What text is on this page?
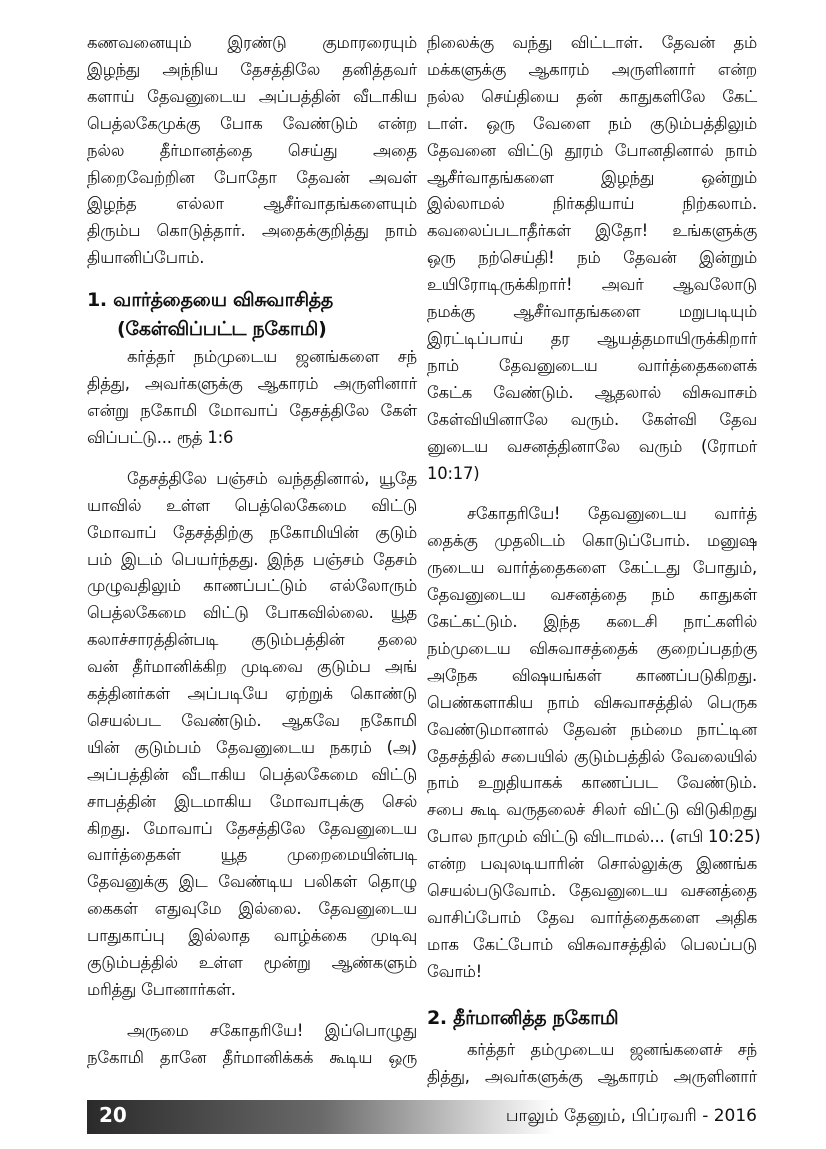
கணவனையும் இரண்டு குமாரரையும்
இழந்து அந்நிய தேசத்திலே தனித்தவர்
களாய் தேவனுடைய அப்பத்தின் வீடாகிய
பெத்லகேமுக்கு போக வேண்டும் என்ற
நல்ல தீர்மானத்தை செய்து அதை
நிறைவேற்றின போதோ தேவன் அவள்
இழந்த எல்லா ஆசீர்வாதங்களையும்
திரும்ப கொடுத்தார். அதைக்குறித்து நாம்
தியானிப்போம்.
1. வார்த்தையை விசுவாசித்த
(கேள்விப்பட்ட நகோமி)
கர்த்தர் நம்முடைய ஜனங்களை சந்
தித்து, அவர்களுக்கு ஆகாரம் அருளினார்
என்று நகோமி மோவாப் தேசத்திலே கேள்
விப்பட்டு... ரூத் 1:6
தேசத்திலே பஞ்சம் வந்ததினால், யூதே
யாவில் உள்ள பெத்லெகேமை விட்டு
மோவாப் தேசத்திற்கு நகோமியின் குடும்
பம் இடம் பெயர்ந்தது. இந்த பஞ்சம் தேசம்
முழுவதிலும் காணப்பட்டும் எல்லோரும்
பெத்லகேமை விட்டு போகவில்லை. யூத
கலாச்சாரத்தின்படி குடும்பத்தின் தலை
வன் தீர்மானிக்கிற முடிவை குடும்ப அங்
கத்தினர்கள் அப்படியே ஏற்றுக் கொண்டு
செயல்பட வேண்டும். ஆகவே நகோமி
யின் குடும்பம் தேவனுடைய நகரம் (அ)
அப்பத்தின் வீடாகிய பெத்லகேமை விட்டு
சாபத்தின் இடமாகிய மோவாபுக்கு செல்
கிறது. மோவாப் தேசத்திலே தேவனுடைய
வார்த்தைகள் யூத முறைமையின்படி
தேவனுக்கு இட வேண்டிய பலிகள் தொழு
கைகள் எதுவுமே இல்லை. தேவனுடைய
பாதுகாப்பு இல்லாத வாழ்க்கை முடிவு
குடும்பத்தில் உள்ள மூன்று ஆண்களும்
மரித்து போனார்கள்.
அருமை சகோதரியே! இப்பொழுது
நகோமி தானே தீர்மானிக்கக் கூடிய ஒரு
நிலைக்கு வந்து விட்டாள். தேவன் தம்
மக்களுக்கு ஆகாரம் அருளினார் என்ற
நல்ல செய்தியை தன் காதுகளிலே கேட்
டாள். ஒரு வேளை நம் குடும்பத்திலும்
தேவனை விட்டு தூரம் போனதினால் நாம்
ஆசீர்வாதங்களை இழந்து ஒன்றும்
இல்லாமல் நிர்கதியாய் நிற்கலாம்.
கவலைப்படாதீர்கள் இதோ! உங்களுக்கு
ஒரு நற்செய்தி! நம் தேவன் இன்றும்
உயிரோடிருக்கிறார்! அவர் ஆவலோடு
நமக்கு ஆசீர்வாதங்களை மறுபடியும்
இரட்டிப்பாய் தர ஆயத்தமாயிருக்கிறார்
நாம் தேவனுடைய வார்த்தைகளைக்
கேட்க வேண்டும். ஆதலால் விசுவாசம்
கேள்வியினாலே வரும். கேள்வி தேவ
னுடைய வசனத்தினாலே வரும் (ரோமர்
10:17)
சகோதரியே! தேவனுடைய வார்த்
தைக்கு முதலிடம் கொடுப்போம். மனுஷ
ருடைய வார்த்தைகளை கேட்டது போதும்,
தேவனுடைய வசனத்தை நம் காதுகள்
கேட்கட்டும். இந்த கடைசி நாட்களில்
நம்முடைய விசுவாசத்தைக் குறைப்பதற்கு
அநேக விஷயங்கள் காணப்படுகிறது.
பெண்களாகிய நாம் விசுவாசத்தில் பெருக
வேண்டுமானால் தேவன் நம்மை நாட்டின
தேசத்தில் சபையில் குடும்பத்தில் வேலையில்
நாம் உறுதியாகக் காணப்பட வேண்டும்.
சபை கூடி வருதலைச் சிலர் விட்டு விடுகிறது
போல நாமும் விட்டு விடாமல்... (எபி 10:25)
என்ற பவுலடியாரின் சொல்லுக்கு இணங்க
செயல்படுவோம். தேவனுடைய வசனத்தை
வாசிப்போம் தேவ வார்த்தைகளை அதிக
மாக கேட்போம் விசுவாசத்தில் பெலப்படு
வோம்!
2. தீர்மானித்த நகோமி
கர்த்தர் தம்முடைய ஜனங்களைச் சந்
தித்து, அவர்களுக்கு ஆகாரம் அருளினார்
20	பாலும் தேனும், பிப்ரவரி - 2016
